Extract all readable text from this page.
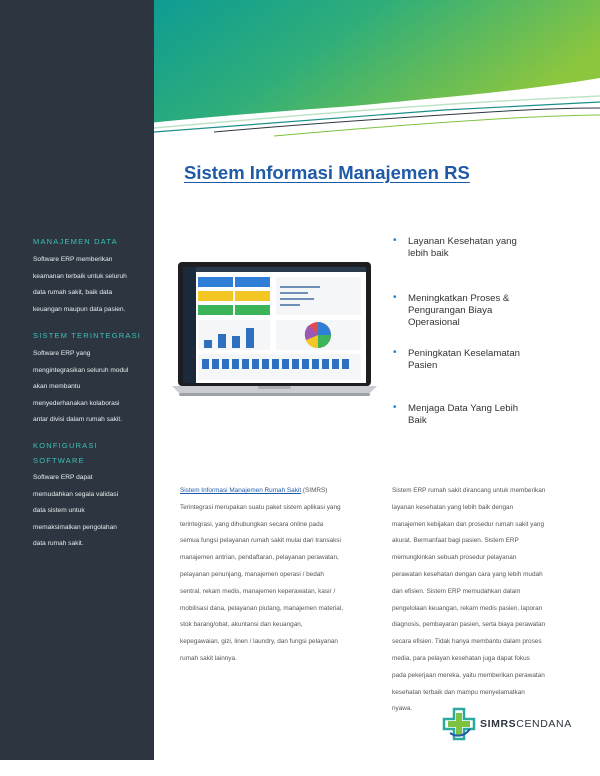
MANAJEMEN DATA
Software ERP memberikan
keamanan terbaik untuk seluruh
data rumah sakit, baik data
keuangan maupun data pasien.
SISTEM TERINTEGRASI
Software ERP yang
mengintegrasikan seluruh modul
akan membantu
menyederhanakan kolaborasi
antar divisi dalam rumah sakit.
KONFIGURASI
SOFTWARE
Software ERP dapat
memudahkan segala validasi
data sistem untuk
memaksimalkan pengolahan
data rumah sakit.
Sistem Informasi Manajemen RS
• Layanan Kesehatan yang
lebih baik
• Meningkatkan Proses &
Pengurangan Biaya
Operasional
• Peningkatan Keselamatan
Pasien
• Menjaga Data Yang Lebih
Baik
Sistem Informasi Manajemen Rumah Sakit (SIMRS)
Terintegrasi merupakan suatu paket sistem aplikasi yang
terintegrasi, yang dihubungkan secara online pada
semua fungsi pelayanan rumah sakit mulai dari transaksi
manajemen antrian, pendaftaran, pelayanan perawatan,
pelayanan penunjang, manajemen operasi / bedah
sentral, rekam medis, manajemen keperawatan, kasir /
mobilisasi dana, pelayanan piutang, manajemen material,
stok barang/obat, akuntansi dan keuangan,
kepegawaian, gizi, linen / laundry, dan fungsi pelayanan
rumah sakit lainnya.
Sistem ERP rumah sakit dirancang untuk memberikan
layanan kesehatan yang lebih baik dengan
manajemen kebijakan dan prosedur rumah sakit yang
akurat. Bermanfaat bagi pasien. Sistem ERP
memungkinkan sebuah prosedur pelayanan
perawatan kesehatan dengan cara yang lebih mudah
dan efisien. Sistem ERP memudahkan dalam
pengelolaan keuangan, rekam medis pasien, laporan
diagnosis, pembayaran pasien, serta biaya perawatan
secara efisien. Tidak hanya membantu dalam proses
media, para pelayan kesehatan juga dapat fokus
pada pekerjaan mereka, yaitu memberikan perawatan
kesehatan terbaik dan mampu menyelamatkan
nyawa.
SIMRSCENDANA
